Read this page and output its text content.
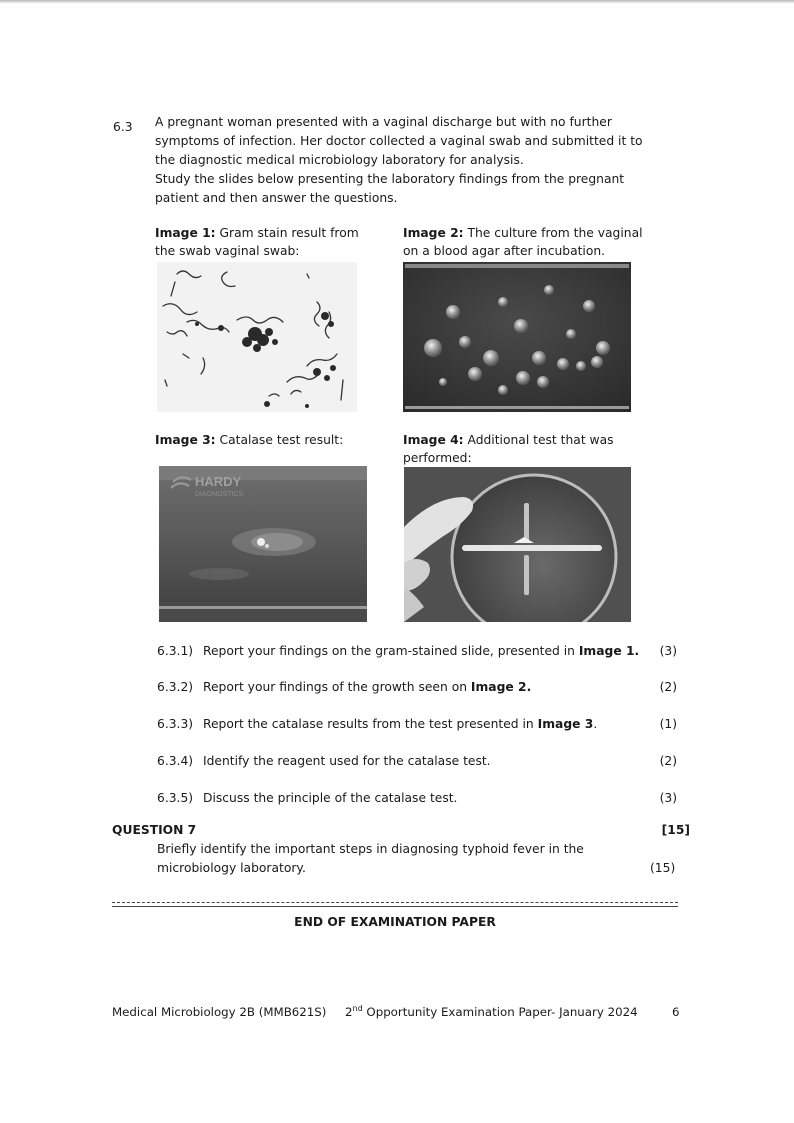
6.3 A pregnant woman presented with a vaginal discharge but with no further symptoms of infection. Her doctor collected a vaginal swab and submitted it to the diagnostic medical microbiology laboratory for analysis.

Study the slides below presenting the laboratory findings from the pregnant patient and then answer the questions.

Image 1: Gram stain result from the swab vaginal swab:
Image 2: The culture from the vaginal on a blood agar after incubation.
Image 3: Catalase test result:	Image 4: Additional test that was performed:
HARDY
DIAGNOSTICS
6.3.1) Report your findings on the gram-stained slide, presented in Image 1. (3)
6.3.2) Report your findings of the growth seen on Image 2.	(2)
6.3.3) Report the catalase results from the test presented in Image 3.	(1)
6.3.4) Identify the reagent used for the catalase test.	(2)
6.3.5) Discuss the principle of the catalase test.	(3)
QUESTION 7	[15]
Briefly identify the important steps in diagnosing typhoid fever in the microbiology laboratory.	(15)
END OF EXAMINATION PAPER
Medical Microbiology 2B (MMB621S) 2nd Opportunity Examination Paper- January 2024	6
